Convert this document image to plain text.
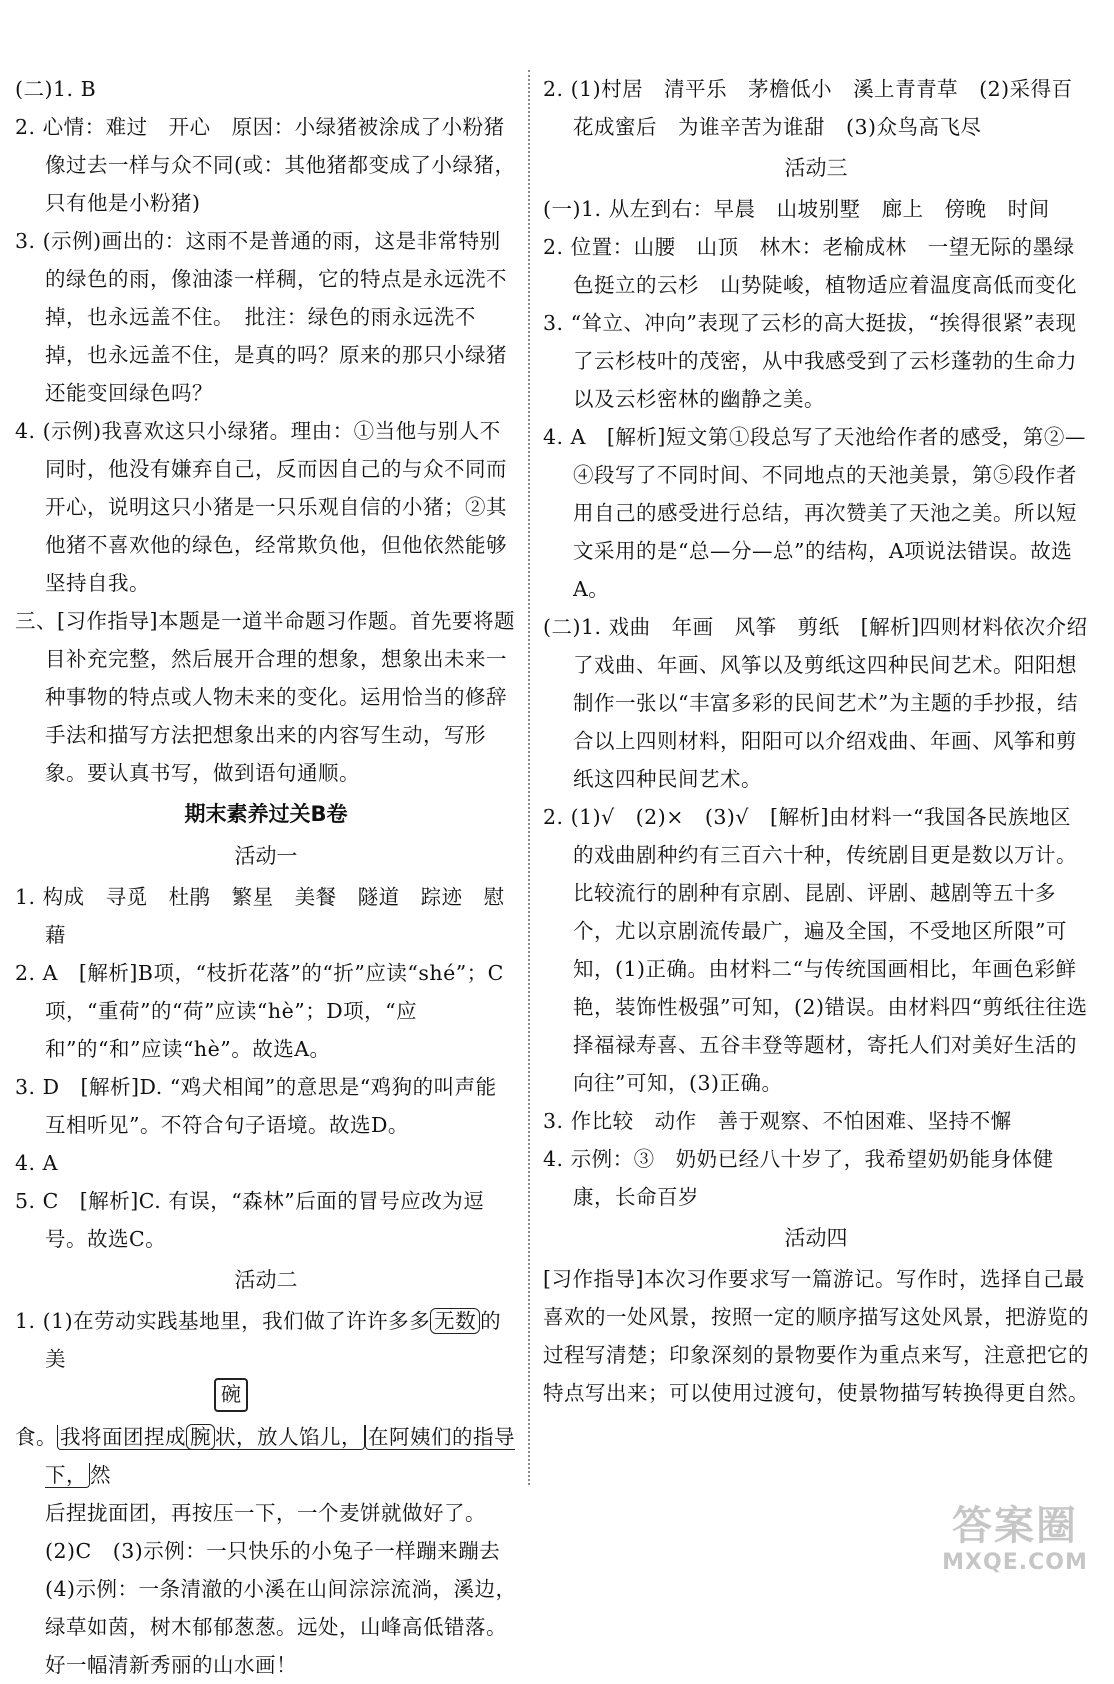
(二)1. B

2. 心情：难过　开心　原因：小绿猪被涂成了小粉猪　像过去一样与众不同(或：其他猪都变成了小绿猪，只有他是小粉猪)

3. (示例)画出的：这雨不是普通的雨，这是非常特别的绿色的雨，像油漆一样稠，它的特点是永远洗不掉，也永远盖不住。　批注：绿色的雨永远洗不掉，也永远盖不住，是真的吗？原来的那只小绿猪还能变回绿色吗？

4. (示例)我喜欢这只小绿猪。理由：①当他与别人不同时，他没有嫌弃自己，反而因自己的与众不同而开心，说明这只小猪是一只乐观自信的小猪；②其他猪不喜欢他的绿色，经常欺负他，但他依然能够坚持自我。

三、[习作指导]本题是一道半命题习作题。首先要将题目补充完整，然后展开合理的想象，想象出未来一种事物的特点或人物未来的变化。运用恰当的修辞手法和描写方法把想象出来的内容写生动，写形象。要认真书写，做到语句通顺。

期末素养过关B卷
活动一

1. 构成　寻觅　杜鹃　繁星　美餐　隧道　踪迹　慰藉

2. A　[解析]B项，“枝折花落”的“折”应读“shé”；C项，“重荷”的“荷”应读“hè”；D项，“应和”的“和”应读“hè”。故选A。

3. D　[解析]D. “鸡犬相闻”的意思是“鸡狗的叫声能互相听见”。不符合句子语境。故选D。

4. A

5. C　[解析]C. 有误，“森林”后面的冒号应改为逗号。故选C。

活动二

1. (1)在劳动实践基地里，我们做了许许多多 无数 的美

碗

食。 我将面团捏成 腕 状，放人馅儿， 在阿姨们的指导下， 然

后捏拢面团，再按压一下，一个麦饼就做好了。　(2)C　(3)示例：一只快乐的小兔子一样蹦来蹦去　(4)示例：一条清澈的小溪在山间淙淙流淌，溪边，绿草如茵，树木郁郁葱葱。远处，山峰高低错落。好一幅清新秀丽的山水画！

2. (1)村居　清平乐　茅檐低小　溪上青青草　(2)采得百花成蜜后　为谁辛苦为谁甜　(3)众鸟高飞尽

活动三

(一)1. 从左到右：早晨　山坡别墅　廊上　傍晚　时间

2. 位置：山腰　山顶　林木：老榆成林　一望无际的墨绿色挺立的云杉　山势陡峻，植物适应着温度高低而变化

3. “耸立、冲向”表现了云杉的高大挺拔，“挨得很紧”表现了云杉枝叶的茂密，从中我感受到了云杉蓬勃的生命力以及云杉密林的幽静之美。

4. A　[解析]短文第①段总写了天池给作者的感受，第②—④段写了不同时间、不同地点的天池美景，第⑤段作者用自己的感受进行总结，再次赞美了天池之美。所以短文采用的是“总—分—总”的结构，A项说法错误。故选A。

(二)1. 戏曲　年画　风筝　剪纸　[解析]四则材料依次介绍了戏曲、年画、风筝以及剪纸这四种民间艺术。阳阳想制作一张以“丰富多彩的民间艺术”为主题的手抄报，结合以上四则材料，阳阳可以介绍戏曲、年画、风筝和剪纸这四种民间艺术。

2. (1)√　(2)×　(3)√　[解析]由材料一“我国各民族地区的戏曲剧种约有三百六十种，传统剧目更是数以万计。比较流行的剧种有京剧、昆剧、评剧、越剧等五十多个，尤以京剧流传最广，遍及全国，不受地区所限”可知，(1)正确。由材料二“与传统国画相比，年画色彩鲜艳，装饰性极强”可知，(2)错误。由材料四“剪纸往往选择福禄寿喜、五谷丰登等题材，寄托人们对美好生活的向往”可知，(3)正确。

3. 作比较　动作　善于观察、不怕困难、坚持不懈

4. 示例：③　奶奶已经八十岁了，我希望奶奶能身体健康，长命百岁

活动四

[习作指导]本次习作要求写一篇游记。写作时，选择自己最喜欢的一处风景，按照一定的顺序描写这处风景，把游览的过程写清楚；印象深刻的景物要作为重点来写，注意把它的特点写出来；可以使用过渡句，使景物描写转换得更自然。

答案圈
MXQE.COM
